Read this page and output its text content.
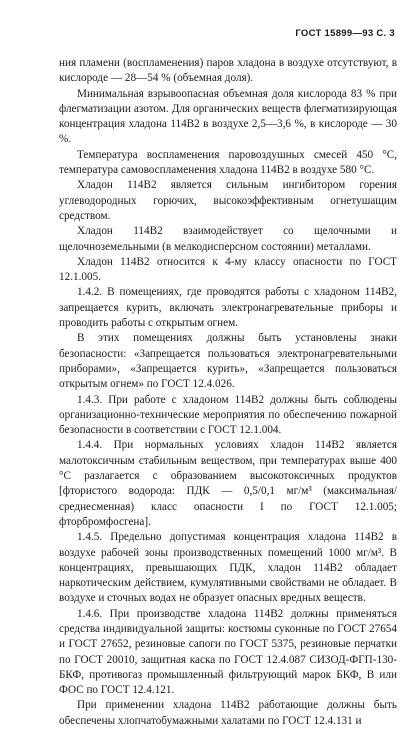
ГОСТ 15899—93 С. 3

ния пламени (воспламенения) паров хладона в воздухе отсутствуют, в кислороде — 28—54 % (объемная доля).

Минимальная взрывоопасная объемная доля кислорода 83 % при флегматизации азотом. Для органических веществ флегматизирующая концентрация хладона 114В2 в воздухе 2,5—3,6 %, в кислороде — 30 %.

Температура воспламенения паровоздушных смесей 450 °С, температура самовоспламенения хладона 114В2 в воздухе 580 °С.

Хладон 114В2 является сильным ингибитором горения углеводородных горючих, высокоэффективным огнетушащим средством.

Хладон 114В2 взаимодействует со щелочными и щелочноземельными (в мелкодисперсном состоянии) металлами.

Хладон 114В2 относится к 4-му классу опасности по ГОСТ 12.1.005.

1.4.2. В помещениях, где проводятся работы с хладоном 114В2, запрещается курить, включать электронагревательные приборы и проводить работы с открытым огнем.

В этих помещениях должны быть установлены знаки безопасности: «Запрещается пользоваться электронагревательными приборами», «Запрещается курить», «Запрещается пользоваться открытым огнем» по ГОСТ 12.4.026.

1.4.3. При работе с хладоном 114В2 должны быть соблюдены организационно-технические мероприятия по обеспечению пожарной безопасности в соответствии с ГОСТ 12.1.004.

1.4.4. При нормальных условиях хладон 114В2 является малотоксичным стабильным веществом, при температурах выше 400 °С разлагается с образованием высокотоксичных продуктов [фтористого водорода: ПДК — 0,5/0,1 мг/м³ (максимальная/среднесменная) класс опасности I по ГОСТ 12.1.005; фторбромфосгена].

1.4.5. Предельно допустимая концентрация хладона 114В2 в воздухе рабочей зоны производственных помещений 1000 мг/м³. В концентрациях, превышающих ПДК, хладон 114В2 обладает наркотическим действием, кумулятивными свойствами не обладает. В воздухе и сточных водах не образует опасных вредных веществ.

1.4.6. При производстве хладона 114В2 должны применяться средства индивидуальной защиты: костюмы суконные по ГОСТ 27654 и ГОСТ 27652, резиновые сапоги по ГОСТ 5375, резиновые перчатки по ГОСТ 20010, защитная каска по ГОСТ 12.4.087 СИЗОД-ФГП-130-БКФ, противогаз промышленный фильтрующий марок БКФ, В или ФОС по ГОСТ 12.4.121.

При применении хладона 114В2 работающие должны быть обеспечены хлопчатобумажными халатами по ГОСТ 12.4.131 и
